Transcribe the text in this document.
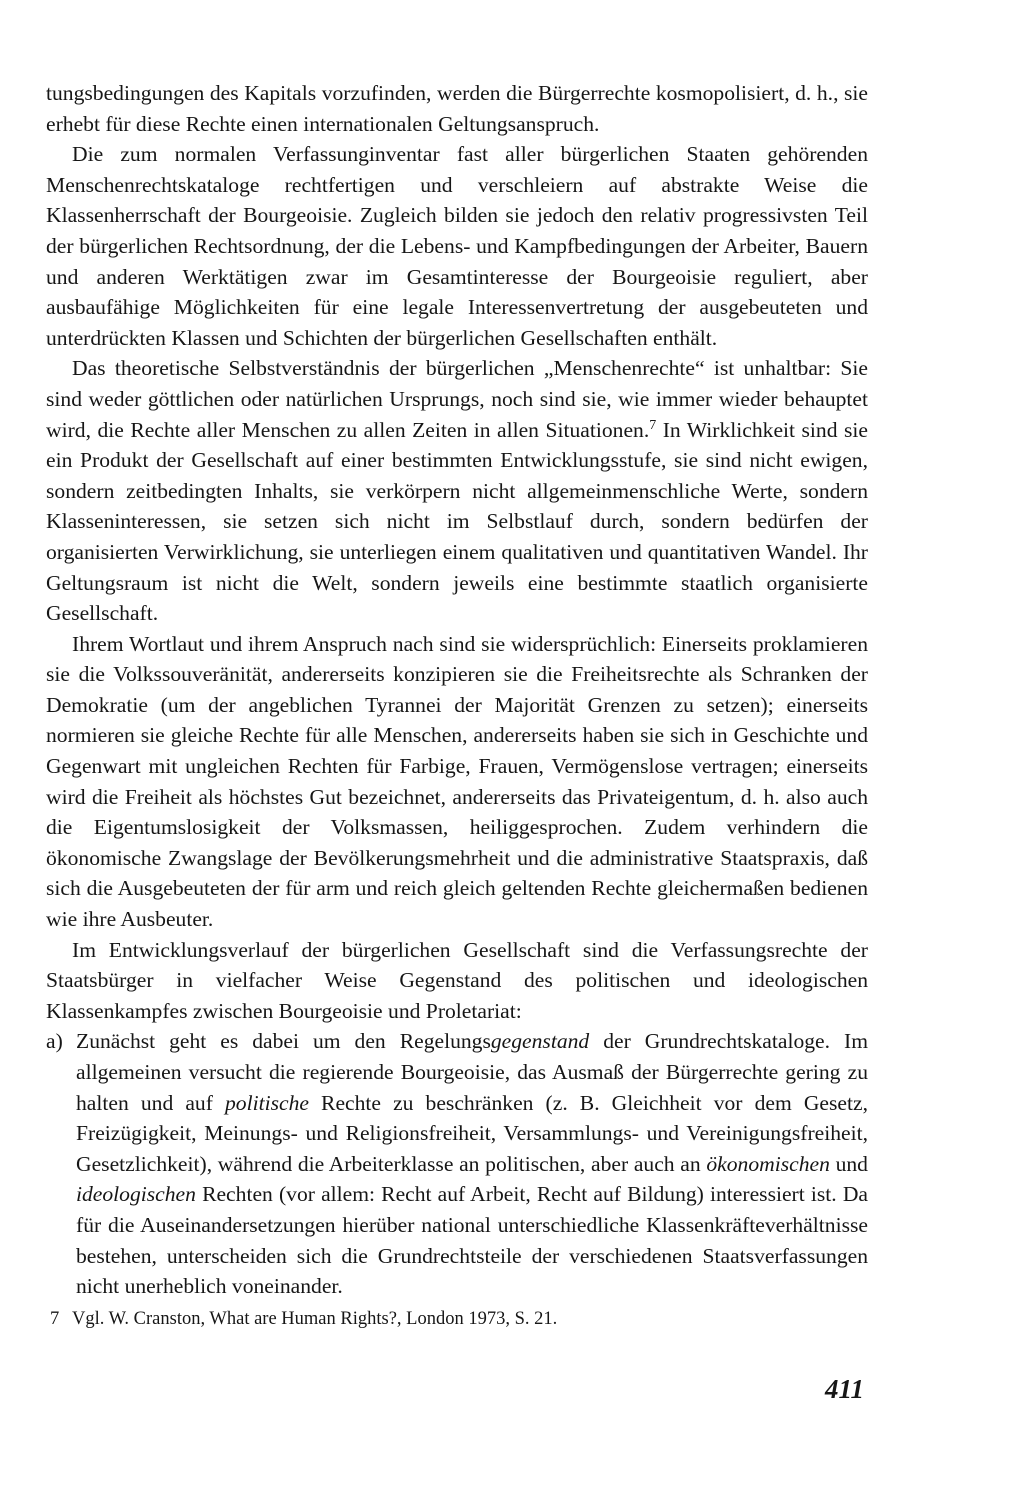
tungsbedingungen des Kapitals vorzufinden, werden die Bürgerrechte kosmopolisiert, d. h., sie erhebt für diese Rechte einen internationalen Geltungsanspruch.

Die zum normalen Verfassunginventar fast aller bürgerlichen Staaten gehörenden Menschenrechtskataloge rechtfertigen und verschleiern auf abstrakte Weise die Klassenherrschaft der Bourgeoisie. Zugleich bilden sie jedoch den relativ progressivsten Teil der bürgerlichen Rechtsordnung, der die Lebens- und Kampfbedingungen der Arbeiter, Bauern und anderen Werktätigen zwar im Gesamtinteresse der Bourgeoisie reguliert, aber ausbaufähige Möglichkeiten für eine legale Interessenvertretung der ausgebeuteten und unterdrückten Klassen und Schichten der bürgerlichen Gesellschaften enthält.

Das theoretische Selbstverständnis der bürgerlichen „Menschenrechte“ ist unhaltbar: Sie sind weder göttlichen oder natürlichen Ursprungs, noch sind sie, wie immer wieder behauptet wird, die Rechte aller Menschen zu allen Zeiten in allen Situationen.$^7$ In Wirklichkeit sind sie ein Produkt der Gesellschaft auf einer bestimmten Entwicklungsstufe, sie sind nicht ewigen, sondern zeitbedingten Inhalts, sie verkörpern nicht allgemeinmenschliche Werte, sondern Klasseninteressen, sie setzen sich nicht im Selbstlauf durch, sondern bedürfen der organisierten Verwirklichung, sie unterliegen einem qualitativen und quantitativen Wandel. Ihr Geltungsraum ist nicht die Welt, sondern jeweils eine bestimmte staatlich organisierte Gesellschaft.

Ihrem Wortlaut und ihrem Anspruch nach sind sie widersprüchlich: Einerseits proklamieren sie die Volkssouveränität, andererseits konzipieren sie die Freiheitsrechte als Schranken der Demokratie (um der angeblichen Tyrannei der Majorität Grenzen zu setzen); einerseits normieren sie gleiche Rechte für alle Menschen, andererseits haben sie sich in Geschichte und Gegenwart mit ungleichen Rechten für Farbige, Frauen, Vermögenslose vertragen; einerseits wird die Freiheit als höchstes Gut bezeichnet, andererseits das Privateigentum, d. h. also auch die Eigentumslosigkeit der Volksmassen, heiliggesprochen. Zudem verhindern die ökonomische Zwangslage der Bevölkerungsmehrheit und die administrative Staatspraxis, daß sich die Ausgebeuteten der für arm und reich gleich geltenden Rechte gleichermaßen bedienen wie ihre Ausbeuter.

Im Entwicklungsverlauf der bürgerlichen Gesellschaft sind die Verfassungsrechte der Staatsbürger in vielfacher Weise Gegenstand des politischen und ideologischen Klassenkampfes zwischen Bourgeoisie und Proletariat:

a) Zunächst geht es dabei um den Regelungsgegenstand der Grundrechtskataloge. Im allgemeinen versucht die regierende Bourgeoisie, das Ausmaß der Bürgerrechte gering zu halten und auf politische Rechte zu beschränken (z. B. Gleichheit vor dem Gesetz, Freizügigkeit, Meinungs- und Religionsfreiheit, Versammlungs- und Vereinigungsfreiheit, Gesetzlichkeit), während die Arbeiterklasse an politischen, aber auch an ökonomischen und ideologischen Rechten (vor allem: Recht auf Arbeit, Recht auf Bildung) interessiert ist. Da für die Auseinandersetzungen hierüber national unterschiedliche Klassenkräfteverhältnisse bestehen, unterscheiden sich die Grundrechtsteile der verschiedenen Staatsverfassungen nicht unerheblich voneinander.

7 Vgl. W. Cranston, What are Human Rights?, London 1973, S. 21.
411
